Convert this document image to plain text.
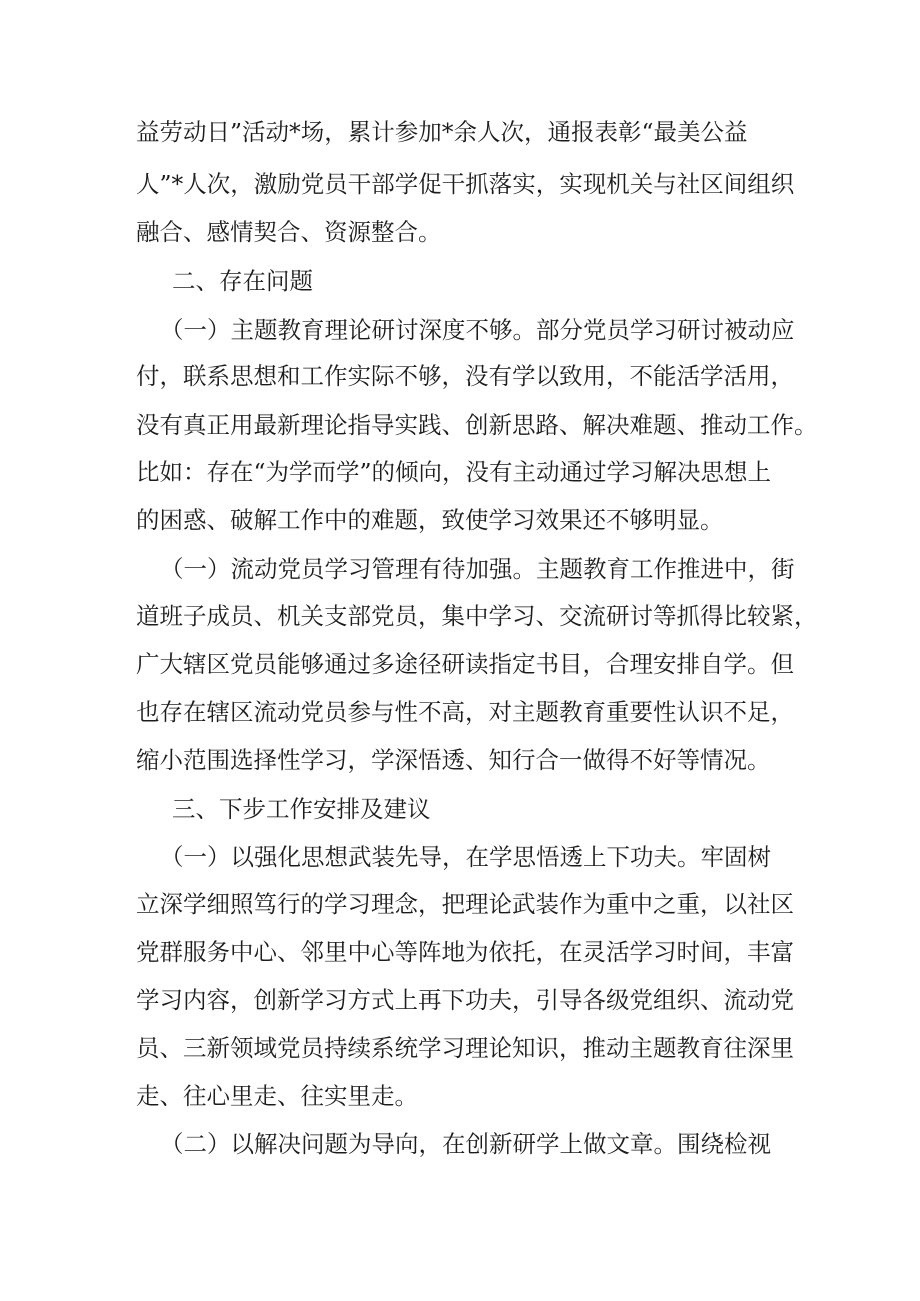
益劳动日”活动*场，累计参加*余人次，通报表彰“最美公益
人”*人次，激励党员干部学促干抓落实，实现机关与社区间组织
融合、感情契合、资源整合。
二、存在问题
（一）主题教育理论研讨深度不够。部分党员学习研讨被动应
付，联系思想和工作实际不够，没有学以致用，不能活学活用，
没有真正用最新理论指导实践、创新思路、解决难题、推动工作。
比如：存在“为学而学”的倾向，没有主动通过学习解决思想上
的困惑、破解工作中的难题，致使学习效果还不够明显。
（一）流动党员学习管理有待加强。主题教育工作推进中，街
道班子成员、机关支部党员，集中学习、交流研讨等抓得比较紧，
广大辖区党员能够通过多途径研读指定书目，合理安排自学。但
也存在辖区流动党员参与性不高，对主题教育重要性认识不足，
缩小范围选择性学习，学深悟透、知行合一做得不好等情况。
三、下步工作安排及建议
（一）以强化思想武装先导，在学思悟透上下功夫。牢固树
立深学细照笃行的学习理念，把理论武装作为重中之重，以社区
党群服务中心、邻里中心等阵地为依托，在灵活学习时间，丰富
学习内容，创新学习方式上再下功夫，引导各级党组织、流动党
员、三新领域党员持续系统学习理论知识，推动主题教育往深里
走、往心里走、往实里走。
（二）以解决问题为导向，在创新研学上做文章。围绕检视
